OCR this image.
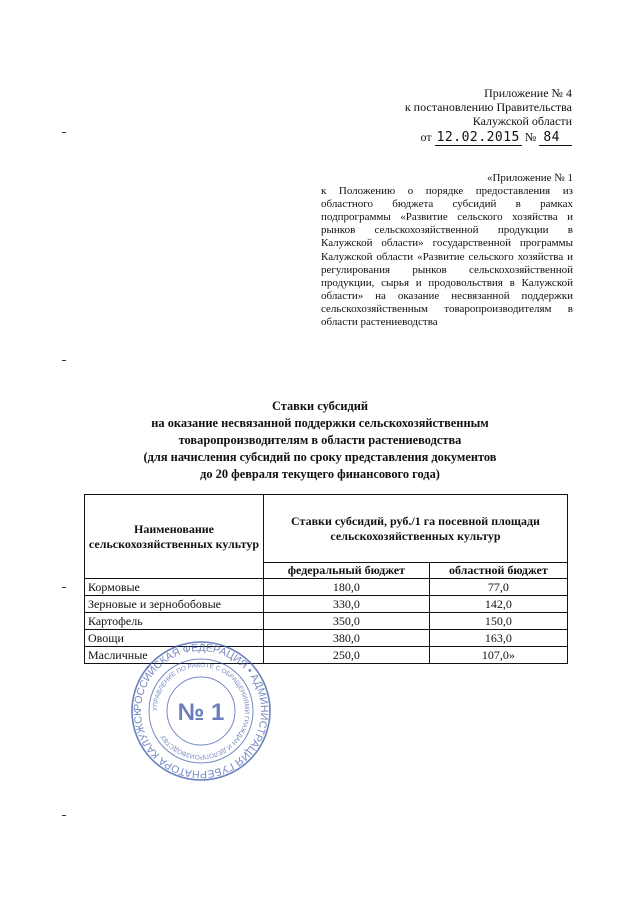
Приложение № 4
к постановлению Правительства
Калужской области
от 12.02.2015 № 84
«Приложение № 1
к Положению о порядке предоставления из областного бюджета субсидий в рамках подпрограммы «Развитие сельского хозяйства и рынков сельскохозяйственной продукции в Калужской области» государственной программы Калужской области «Развитие сельского хозяйства и регулирования рынков сельскохозяйственной продукции, сырья и продовольствия в Калужской области» на оказание несвязанной поддержки сельскохозяйственным товаропроизводителям в области растениеводства
Ставки субсидий
на оказание несвязанной поддержки сельскохозяйственным
товаропроизводителям в области растениеводства
(для начисления субсидий по сроку представления документов
до 20 февраля текущего финансового года)
Наименование сельскохозяйственных культур	Ставки субсидий, руб./1 га посевной площади сельскохозяйственных культур	
	федеральный бюджет	областной бюджет
Кормовые	180,0	77,0
Зерновые и зернобобовые	330,0	142,0
Картофель	350,0	150,0
Овощи	380,0	163,0
Масличные	250,0	107,0»
РОССИЙСКАЯ ФЕДЕРАЦИЯ • АДМИНИСТРАЦИЯ ГУБЕРНАТОРА КАЛУЖСК
УПРАВЛЕНИЕ ПО РАБОТЕ С ОБРАЩЕНИЯМИ ГРАЖДАН И ДЕЛОПРОИЗВОДСТВУ
№ 1
